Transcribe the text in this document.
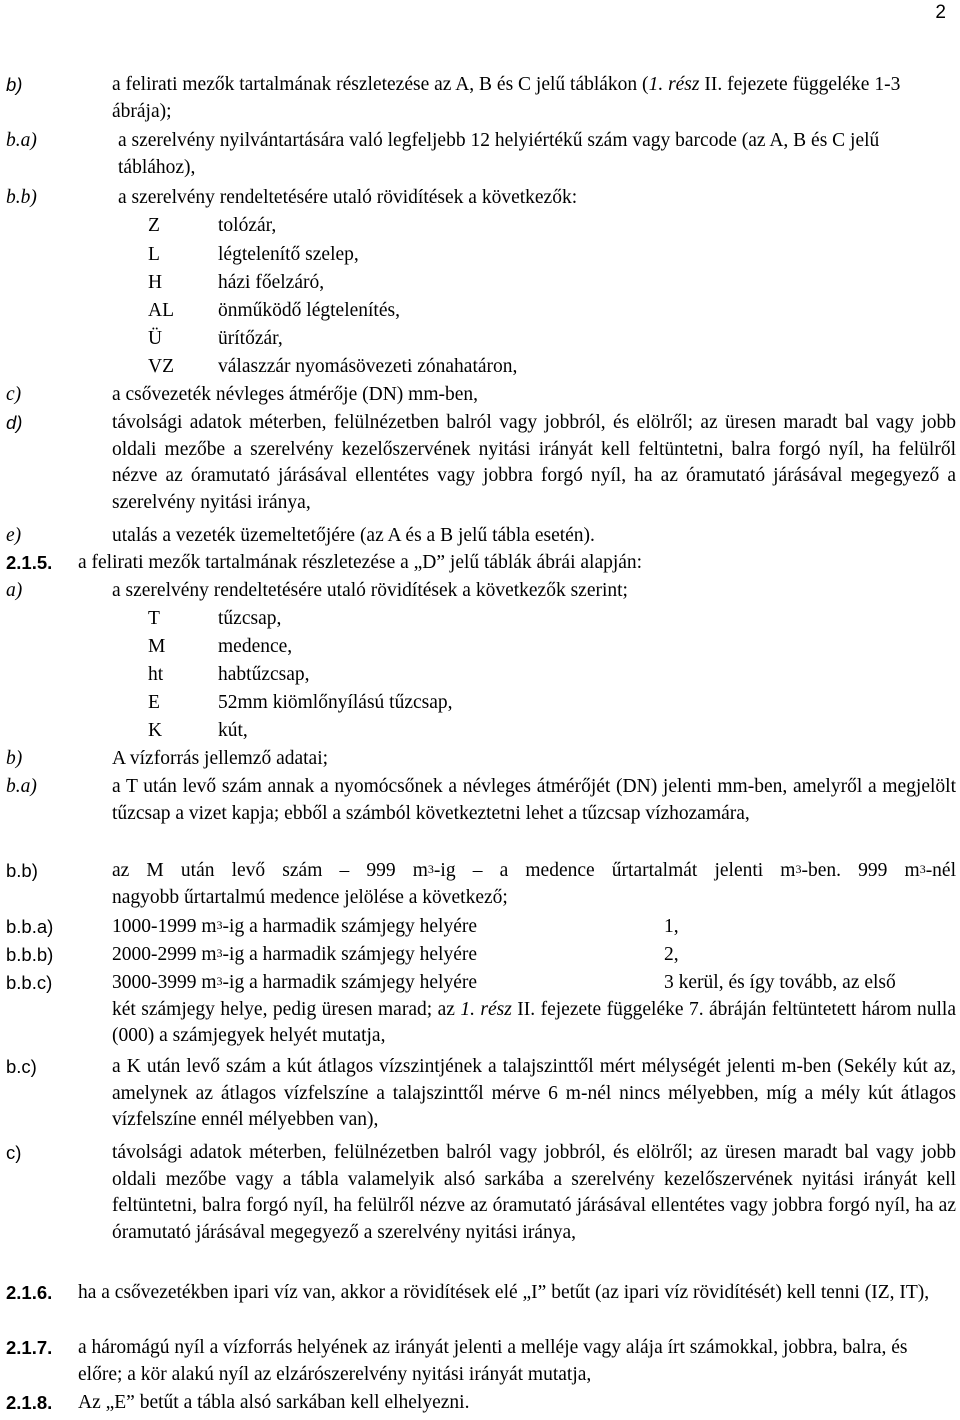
2
b)	a felirati mezők tartalmának részletezése az A, B és C jelű táblákon (1. rész II. fejezete függeléke 1-3 ábrája);
b.a)	a szerelvény nyilvántartására való legfeljebb 12 helyiértékű szám vagy barcode (az A, B és C jelű táblához),
b.b)	a szerelvény rendeltetésére utaló rövidítések a következők:
Z	tolózár,
L	légtelenítő szelep,
H	házi főelzáró,
AL önműködő légtelenítés,
Ü	ürítőzár,
VZ válaszzár nyomásövezeti zónahatáron,
c)	a csővezeték névleges átmérője (DN) mm-ben,
d)	távolsági adatok méterben, felülnézetben balról vagy jobbról, és elölről; az üresen maradt bal vagy jobb oldali mezőbe a szerelvény kezelőszervének nyitási irányát kell feltüntetni, balra forgó nyíl, ha felülről nézve az óramutató járásával ellentétes vagy jobbra forgó nyíl, ha az óramutató járásával megegyező a szerelvény nyitási iránya,
e)	utalás a vezeték üzemeltetőjére (az A és a B jelű tábla esetén).
2.1.5. a felirati mezők tartalmának részletezése a „D” jelű táblák ábrái alapján:
a)	a szerelvény rendeltetésére utaló rövidítések a következők szerint;
T	tűzcsap,
M	medence,
ht	habtűzcsap,
E	52mm kiömlőnyílású tűzcsap,
K	kút,
b)	A vízforrás jellemző adatai;
b.a)	a T után levő szám annak a nyomócsőnek a névleges átmérőjét (DN) jelenti mm-ben, amelyről a megjelölt tűzcsap a vizet kapja; ebből a számból következtetni lehet a tűzcsap vízhozamára,
b.b)	az M után levő szám – 999 $m^3-ig$ – a medence űrtartalmát jelenti $m^3$-ben. 999 $m^3$-nél
nagyobb űrtartalmú medence jelölése a következő;
b.b.a)	1000-1999 $m^3-ig$ a harmadik számjegy helyére	1,
b.b.b)	2000-2999 $m^3-ig$ a harmadik számjegy helyére	2,
b.b.c)	3000-3999 $m^3-ig$ a harmadik számjegy helyére	3 kerül, és így tovább, az első
két számjegy helye, pedig üresen marad; az 1. rész II. fejezete függeléke 7. ábráján feltüntetett három nulla (000) a számjegyek helyét mutatja,
b.c)	a K után levő szám a kút átlagos vízszintjének a talajszinttől mért mélységét jelenti m-ben (Sekély kút az, amelynek az átlagos vízfelszíne a talajszinttől mérve 6 m-nél nincs mélyebben, míg a mély kút átlagos vízfelszíne ennél mélyebben van),
c)	távolsági adatok méterben, felülnézetben balról vagy jobbról, és elölről; az üresen maradt bal vagy jobb oldali mezőbe vagy a tábla valamelyik alsó sarkába a szerelvény kezelőszervének nyitási irányát kell feltüntetni, balra forgó nyíl, ha felülről nézve az óramutató járásával ellentétes vagy jobbra forgó nyíl, ha az óramutató járásával megegyező a szerelvény nyitási iránya,
2.1.6. ha a csővezetékben ipari víz van, akkor a rövidítések elé „I” betűt (az ipari víz rövidítését) kell tenni (IZ, IT),
2.1.7. a háromágú nyíl a vízforrás helyének az irányát jelenti a melléje vagy alája írt számokkal, jobbra, balra, és előre; a kör alakú nyíl az elzárószerelvény nyitási irányát mutatja,
2.1.8. Az „E” betűt a tábla alsó sarkában kell elhelyezni.
